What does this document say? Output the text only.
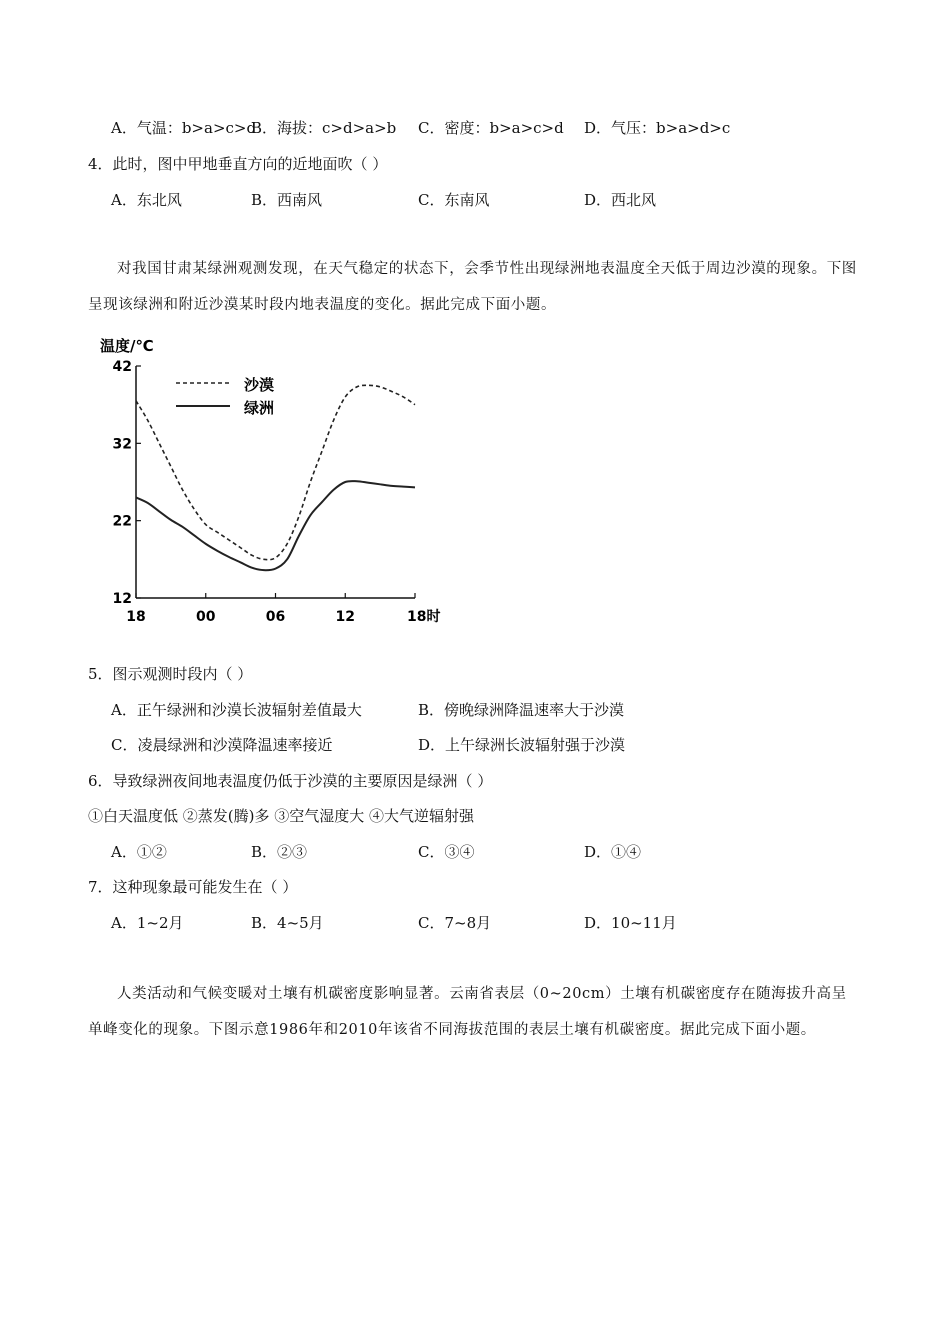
A．气温：b>a>c>d
B．海拔：c>d>a>b C．密度：b>a>c>d D．气压：b>a>d>c
4．此时，图中甲地垂直方向的近地面吹（ ）
A．东北风	B．西南风	C．东南风	D．西北风
对我国甘肃某绿洲观测发现，在天气稳定的状态下，会季节性出现绿洲地表温度全天低于周边沙漠的现象。下图呈现该绿洲和附近沙漠某时段内地表温度的变化。据此完成下面小题。
温度/℃
12
22
32
42
18	00	06	12	18时
沙漠
绿洲
5．图示观测时段内（ ）
A．正午绿洲和沙漠长波辐射差值最大	B．傍晚绿洲降温速率大于沙漠
C．凌晨绿洲和沙漠降温速率接近	D．上午绿洲长波辐射强于沙漠
6．导致绿洲夜间地表温度仍低于沙漠的主要原因是绿洲（ ）
①白天温度低 ②蒸发(腾)多 ③空气湿度大 ④大气逆辐射强
A．①②	B．②③	C．③④	D．①④
7．这种现象最可能发生在（ ）
A．1~2月	B．4~5月	C．7~8月	D．10~11月
人类活动和气候变暖对土壤有机碳密度影响显著。云南省表层（0~20cm）土壤有机碳密度存在随海拔升高呈单峰变化的现象。下图示意1986年和2010年该省不同海拔范围的表层土壤有机碳密度。据此完成下面小题。
